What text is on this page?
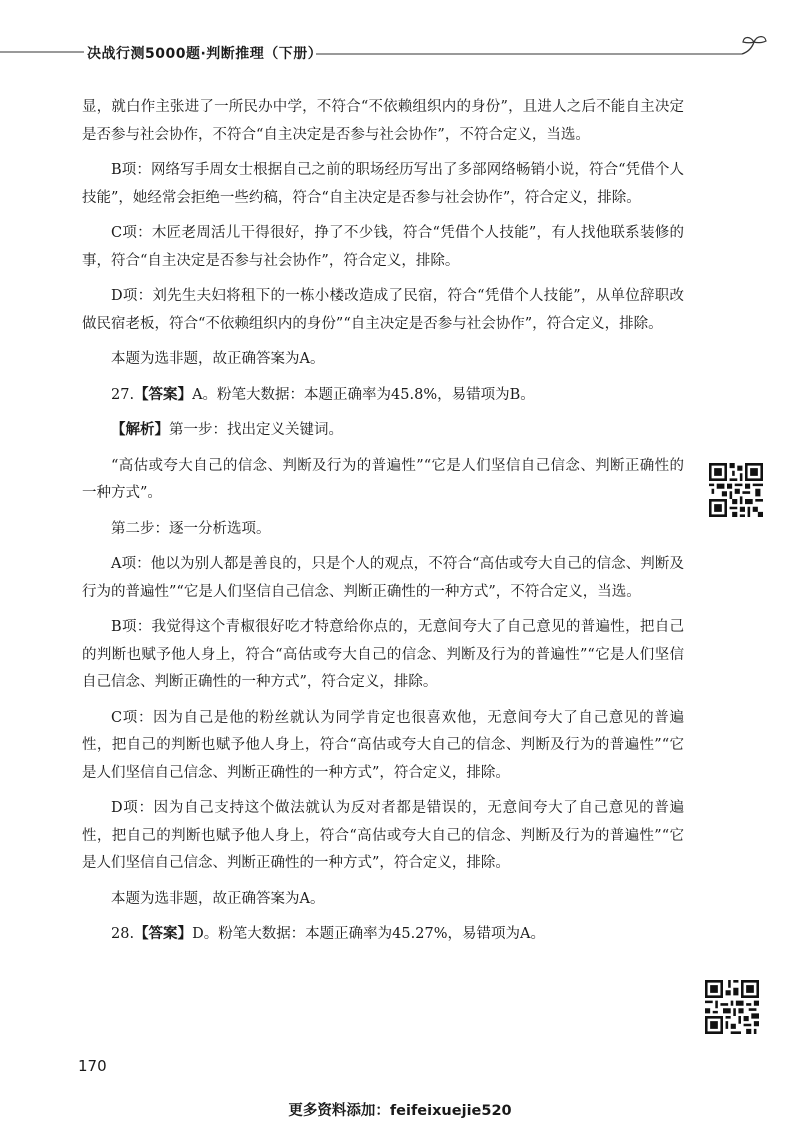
决战行测5000题·判断推理（下册）

显，就白作主张进了一所民办中学，不符合“不依赖组织内的身份”，且进人之后不能自主决定是否参与社会协作，不符合“自主决定是否参与社会协作”，不符合定义，当选。

B项：网络写手周女士根据自己之前的职场经历写出了多部网络畅销小说，符合“凭借个人技能”，她经常会拒绝一些约稿，符合“自主决定是否参与社会协作”，符合定义，排除。

C项：木匠老周活儿干得很好，挣了不少钱，符合“凭借个人技能”，有人找他联系装修的事，符合“自主决定是否参与社会协作”，符合定义，排除。

D项：刘先生夫妇将租下的一栋小楼改造成了民宿，符合“凭借个人技能”，从单位辞职改做民宿老板，符合“不依赖组织内的身份”“自主决定是否参与社会协作”，符合定义，排除。

本题为选非题，故正确答案为A。

27.【答案】A。粉笔大数据：本题正确率为45.8%，易错项为B。

【解析】第一步：找出定义关键词。

“高估或夸大自己的信念、判断及行为的普遍性”“它是人们坚信自己信念、判断正确性的一种方式”。

第二步：逐一分析选项。

A项：他以为别人都是善良的，只是个人的观点，不符合“高估或夸大自己的信念、判断及行为的普遍性”“它是人们坚信自己信念、判断正确性的一种方式”，不符合定义，当选。

B项：我觉得这个青椒很好吃才特意给你点的，无意间夸大了自己意见的普遍性，把自己的判断也赋予他人身上，符合“高估或夸大自己的信念、判断及行为的普遍性”“它是人们坚信自己信念、判断正确性的一种方式”，符合定义，排除。

C项：因为自己是他的粉丝就认为同学肯定也很喜欢他，无意间夸大了自己意见的普遍性，把自己的判断也赋予他人身上，符合“高估或夸大自己的信念、判断及行为的普遍性”“它是人们坚信自己信念、判断正确性的一种方式”，符合定义，排除。

D项：因为自己支持这个做法就认为反对者都是错误的，无意间夸大了自己意见的普遍性，把自己的判断也赋予他人身上，符合“高估或夸大自己的信念、判断及行为的普遍性”“它是人们坚信自己信念、判断正确性的一种方式”，符合定义，排除。

本题为选非题，故正确答案为A。

28.【答案】D。粉笔大数据：本题正确率为45.27%，易错项为A。

170
更多资料添加：feifeixuejie520
